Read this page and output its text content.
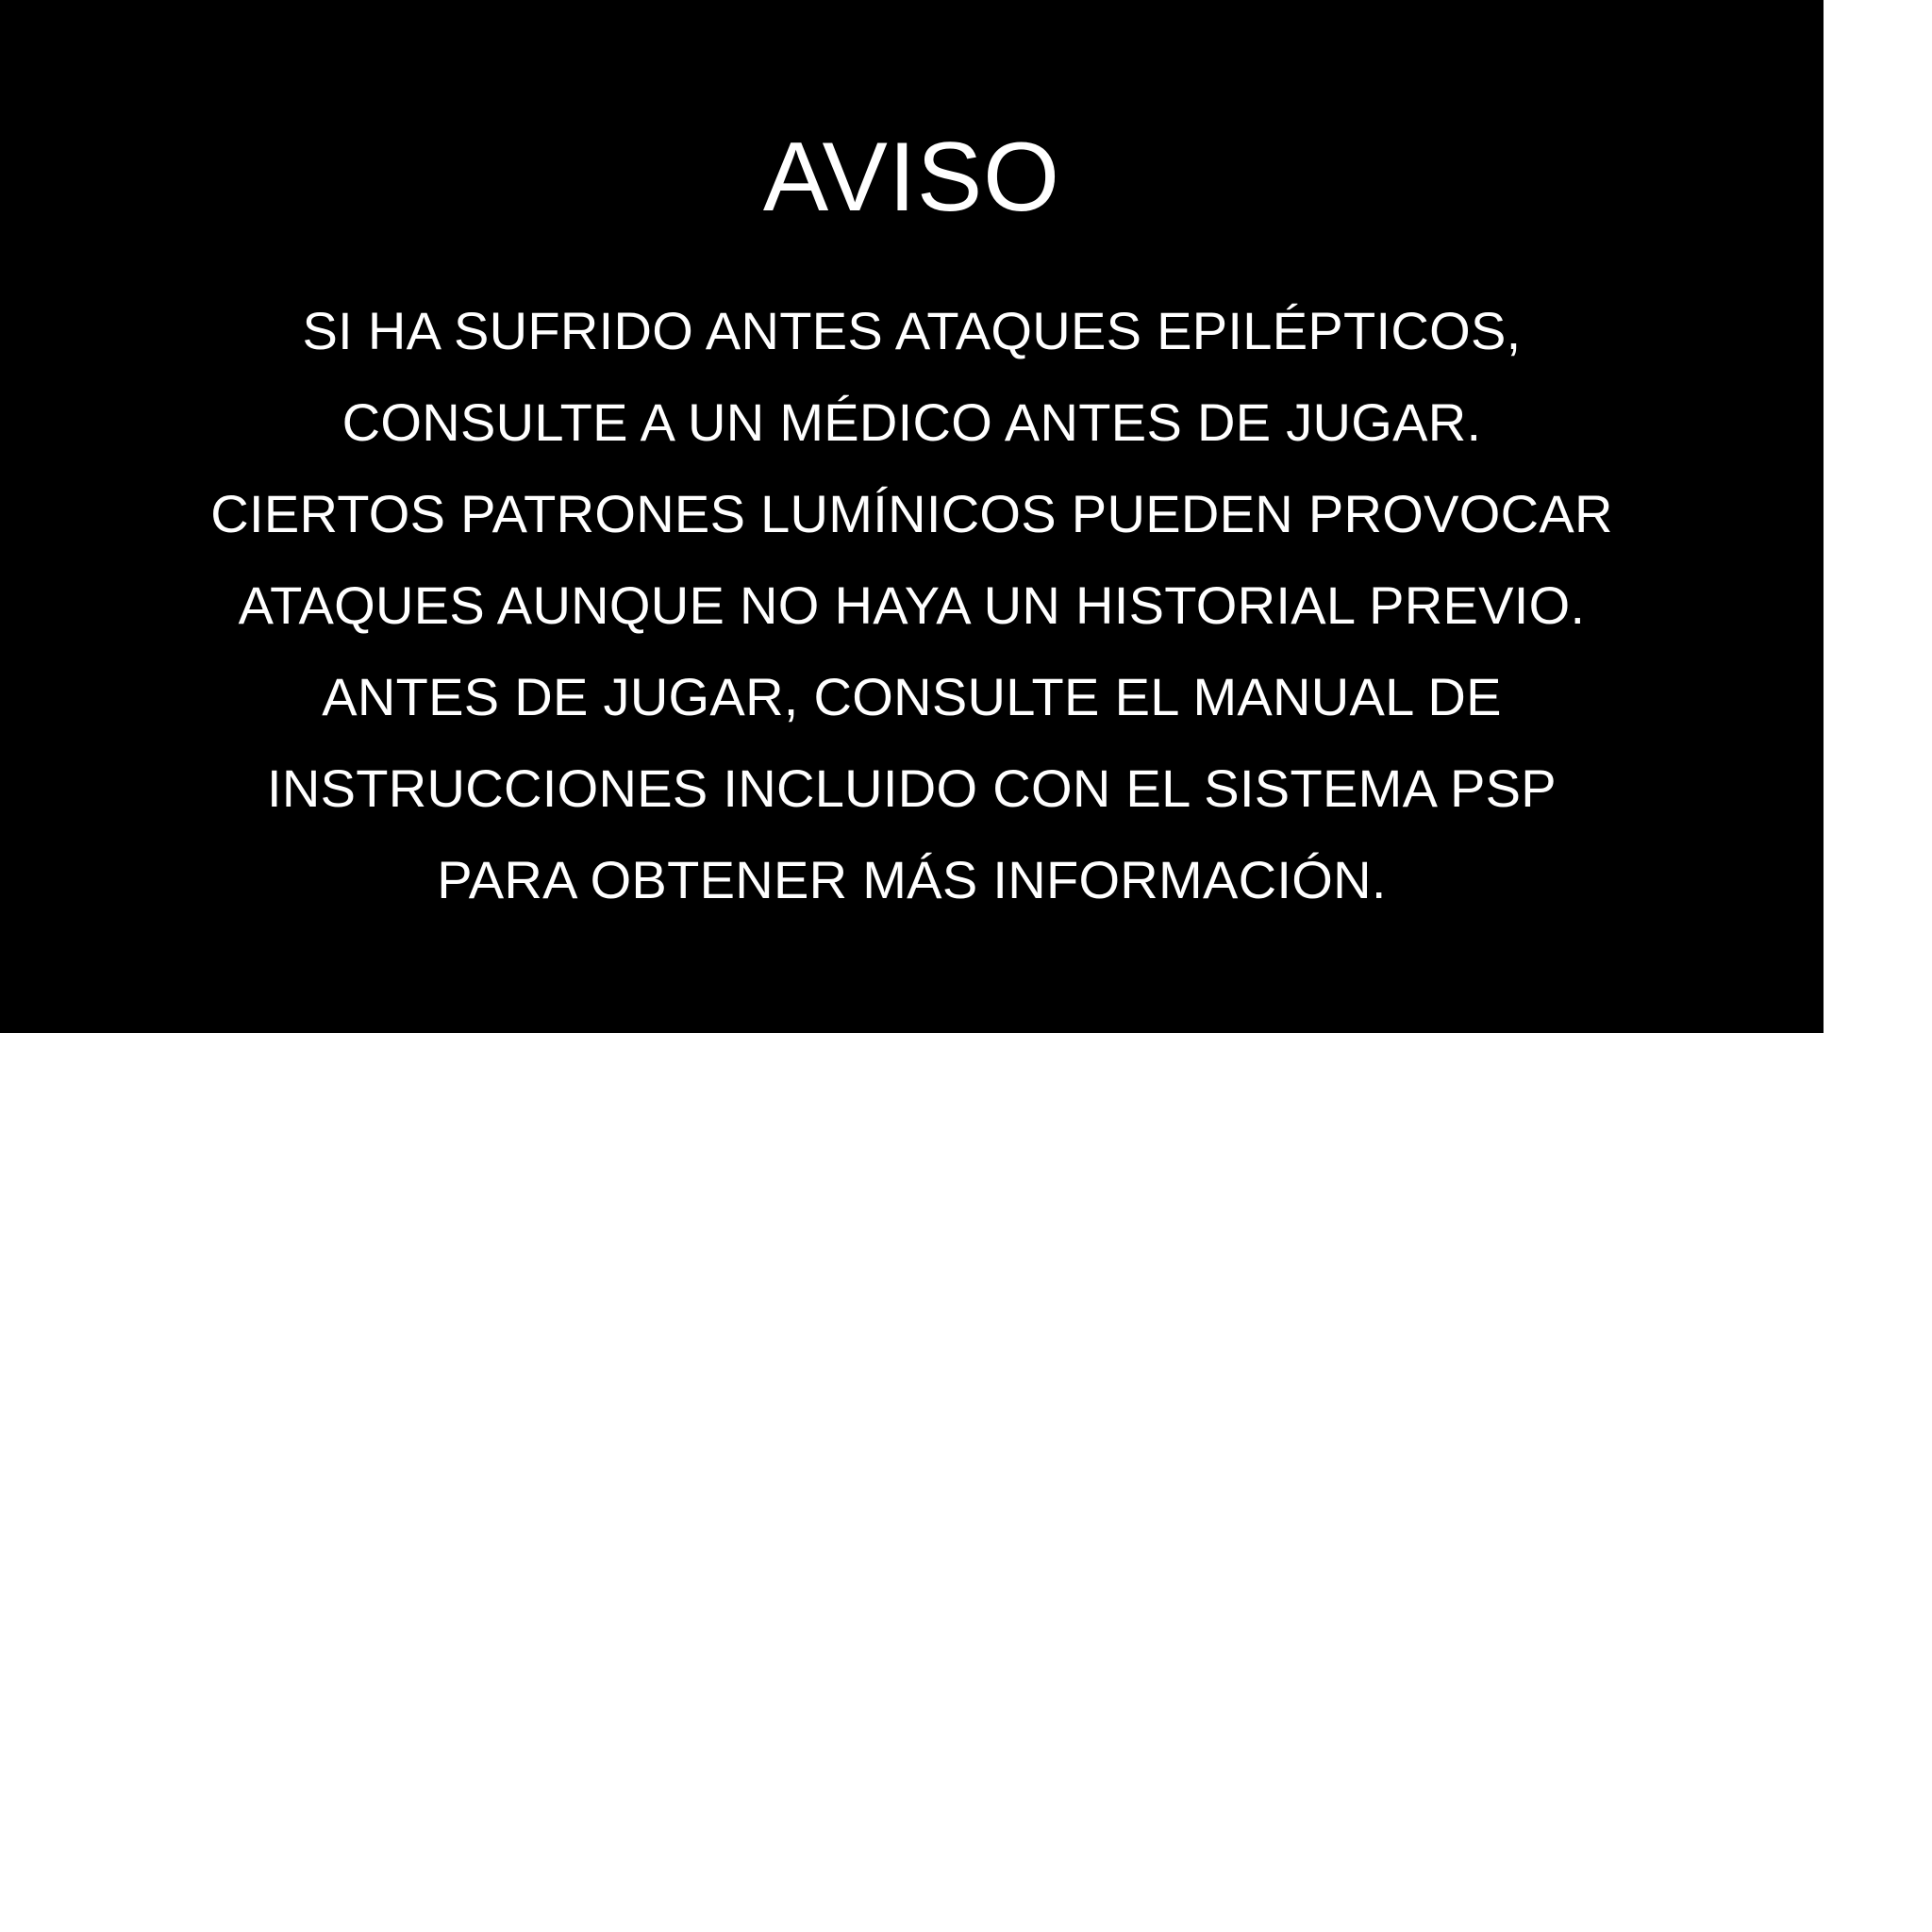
AVISO
SI HA SUFRIDO ANTES ATAQUES EPILÉPTICOS,
CONSULTE A UN MÉDICO ANTES DE JUGAR.
CIERTOS PATRONES LUMÍNICOS PUEDEN PROVOCAR
ATAQUES AUNQUE NO HAYA UN HISTORIAL PREVIO.
ANTES DE JUGAR, CONSULTE EL MANUAL DE
INSTRUCCIONES INCLUIDO CON EL SISTEMA PSP
PARA OBTENER MÁS INFORMACIÓN.
